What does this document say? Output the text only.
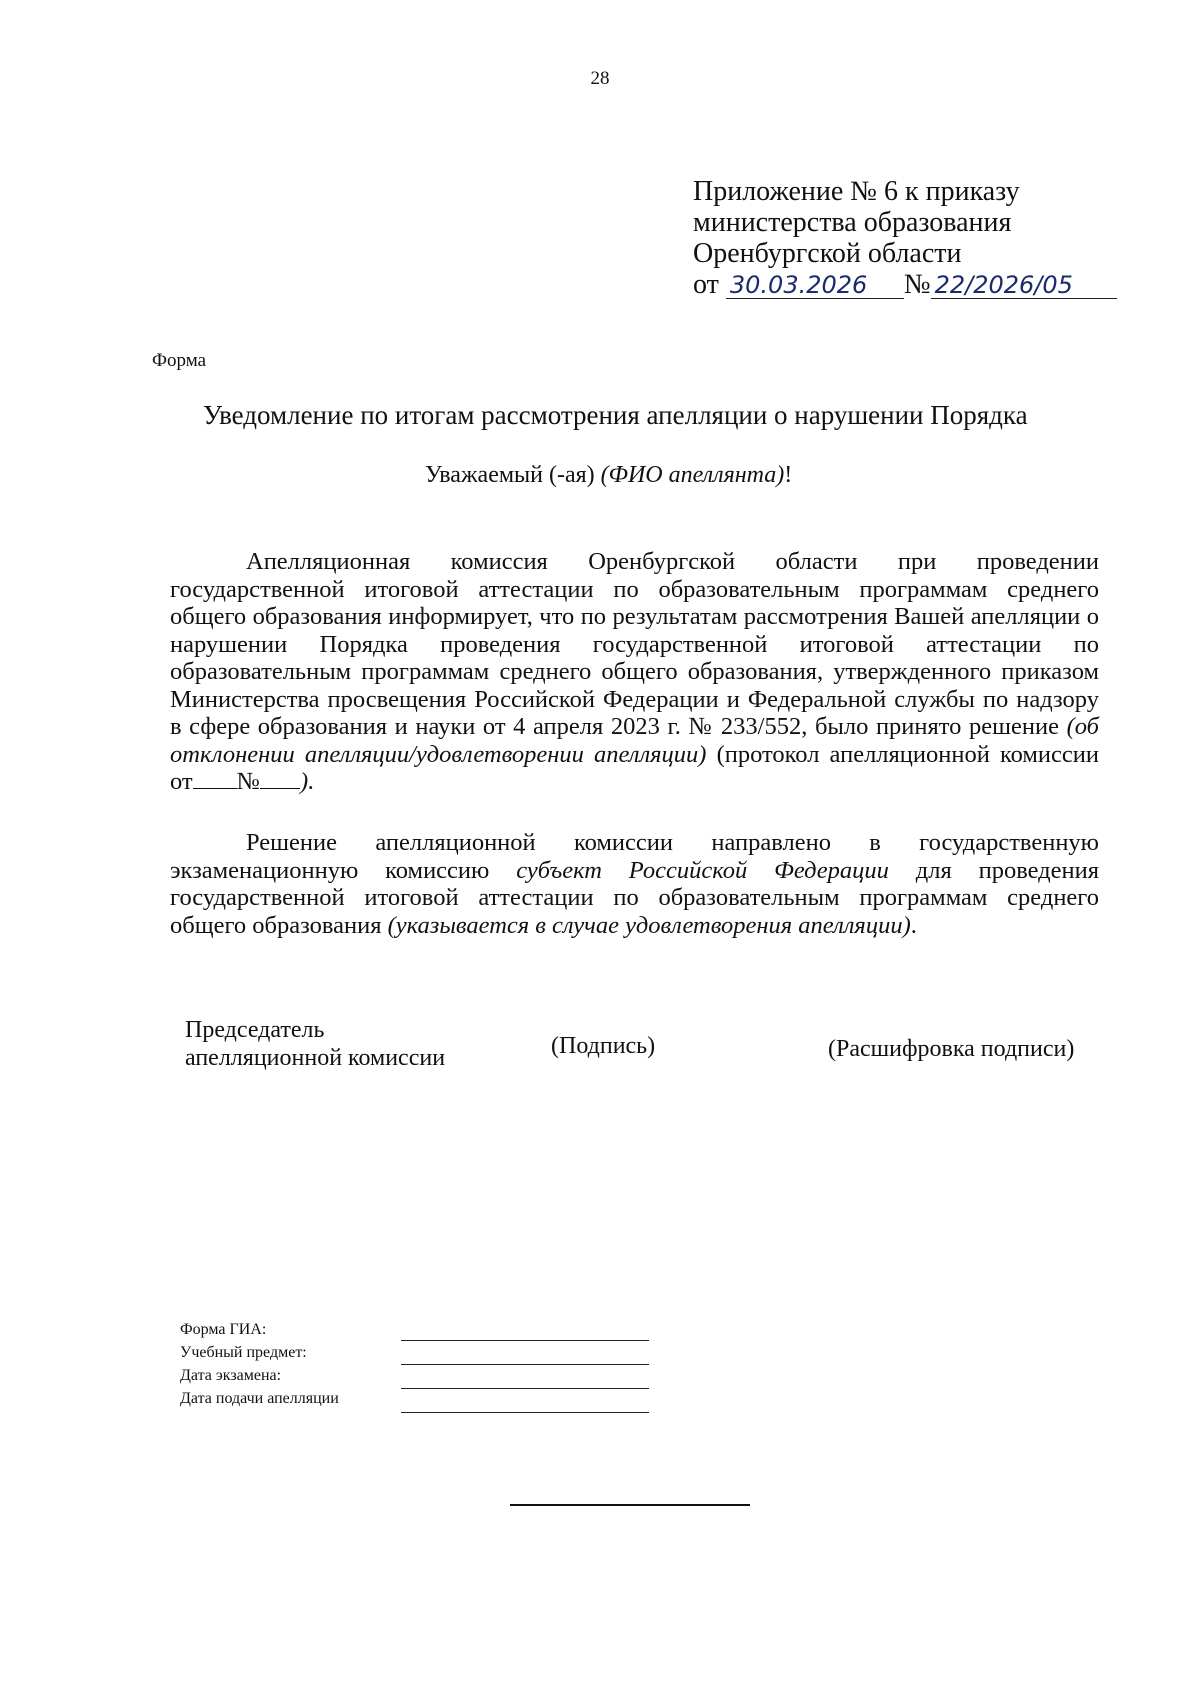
28
Приложение № 6 к приказу
министерства образования
Оренбургской области
от 30.03.2026 № 22/2026/05
Форма
Уведомление по итогам рассмотрения апелляции о нарушении Порядка
Уважаемый (-ая) (ФИО апеллянта)!
Апелляционная комиссия Оренбургской области при проведении государственной итоговой аттестации по образовательным программам среднего общего образования информирует, что по результатам рассмотрения Вашей апелляции о нарушении Порядка проведения государственной итоговой аттестации по образовательным программам среднего общего образования, утвержденного приказом Министерства просвещения Российской Федерации и Федеральной службы по надзору в сфере образования и науки от 4 апреля 2023 г. № 233/552, было принято решение (об отклонении апелляции/удовлетворении апелляции) (протокол апелляционной комиссии от № ).
Решение апелляционной комиссии направлено в государственную экзаменационную комиссию субъект Российской Федерации для проведения государственной итоговой аттестации по образовательным программам среднего общего образования (указывается в случае удовлетворения апелляции).
Председатель
апелляционной комиссии	(Подпись)	(Расшифровка подписи)
Форма ГИА:
Учебный предмет:
Дата экзамена:
Дата подачи апелляции
